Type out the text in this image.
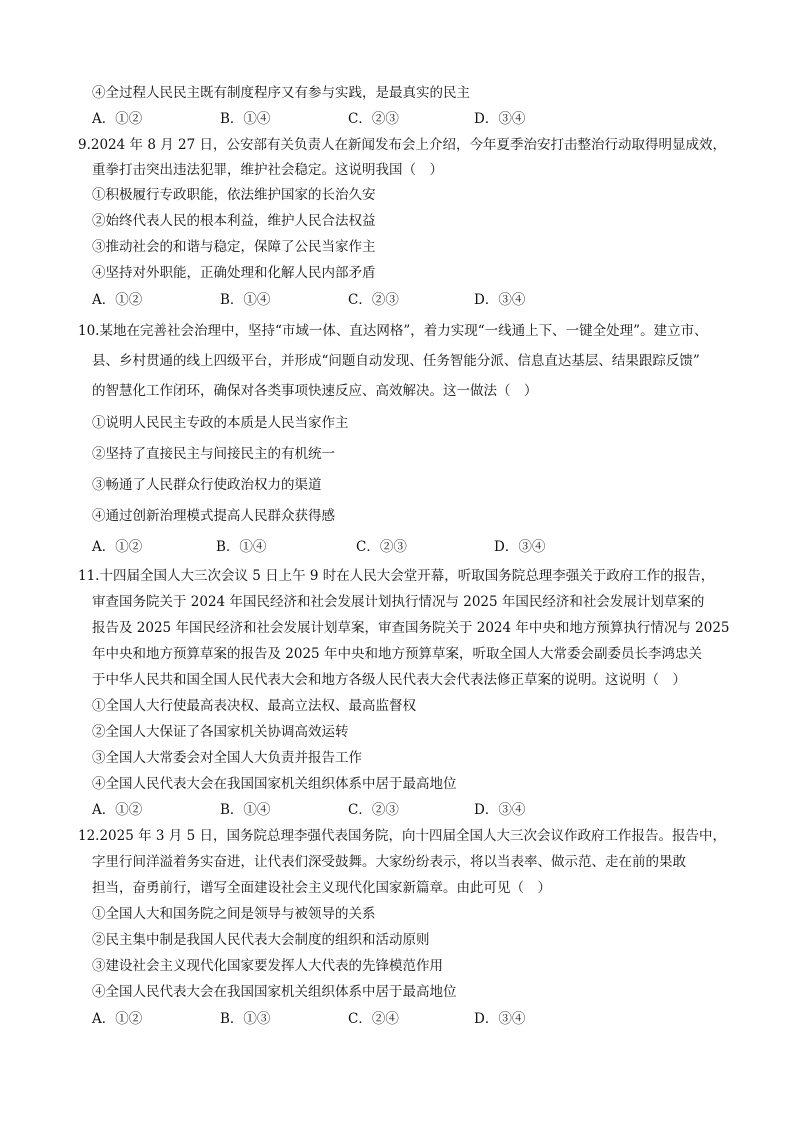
④全过程人民民主既有制度程序又有参与实践，是最真实的民主
A．①②	B．①④	C．②③	D．③④
9.2024 年 8 月 27 日，公安部有关负责人在新闻发布会上介绍，今年夏季治安打击整治行动取得明显成效，
重拳打击突出违法犯罪，维护社会稳定。这说明我国（　）
①积极履行专政职能，依法维护国家的长治久安
②始终代表人民的根本利益，维护人民合法权益
③推动社会的和谐与稳定，保障了公民当家作主
④坚持对外职能，正确处理和化解人民内部矛盾
A．①②	B．①④	C．②③	D．③④
10.某地在完善社会治理中，坚持“市域一体、直达网格”，着力实现“一线通上下、一键全处理”。建立市、
县、乡村贯通的线上四级平台，并形成“问题自动发现、任务智能分派、信息直达基层、结果跟踪反馈”
的智慧化工作闭环，确保对各类事项快速反应、高效解决。这一做法（　）
①说明人民民主专政的本质是人民当家作主
②坚持了直接民主与间接民主的有机统一
③畅通了人民群众行使政治权力的渠道
④通过创新治理模式提高人民群众获得感
A．①②	B．①④	C．②③	D．③④
11.十四届全国人大三次会议 5 日上午 9 时在人民大会堂开幕，听取国务院总理李强关于政府工作的报告，
审查国务院关于 2024 年国民经济和社会发展计划执行情况与 2025 年国民经济和社会发展计划草案的
报告及 2025 年国民经济和社会发展计划草案，审查国务院关于 2024 年中央和地方预算执行情况与 2025
年中央和地方预算草案的报告及 2025 年中央和地方预算草案，听取全国人大常委会副委员长李鸿忠关
于中华人民共和国全国人民代表大会和地方各级人民代表大会代表法修正草案的说明。这说明（　）
①全国人大行使最高表决权、最高立法权、最高监督权
②全国人大保证了各国家机关协调高效运转
③全国人大常委会对全国人大负责并报告工作
④全国人民代表大会在我国国家机关组织体系中居于最高地位
A．①②	B．①④	C．②③	D．③④
12.2025 年 3 月 5 日，国务院总理李强代表国务院，向十四届全国人大三次会议作政府工作报告。报告中，
字里行间洋溢着务实奋进，让代表们深受鼓舞。大家纷纷表示，将以当表率、做示范、走在前的果敢
担当，奋勇前行，谱写全面建设社会主义现代化国家新篇章。由此可见（　）
①全国人大和国务院之间是领导与被领导的关系
②民主集中制是我国人民代表大会制度的组织和活动原则
③建设社会主义现代化国家要发挥人大代表的先锋模范作用
④全国人民代表大会在我国国家机关组织体系中居于最高地位
A．①②	B．①③	C．②④	D．③④
